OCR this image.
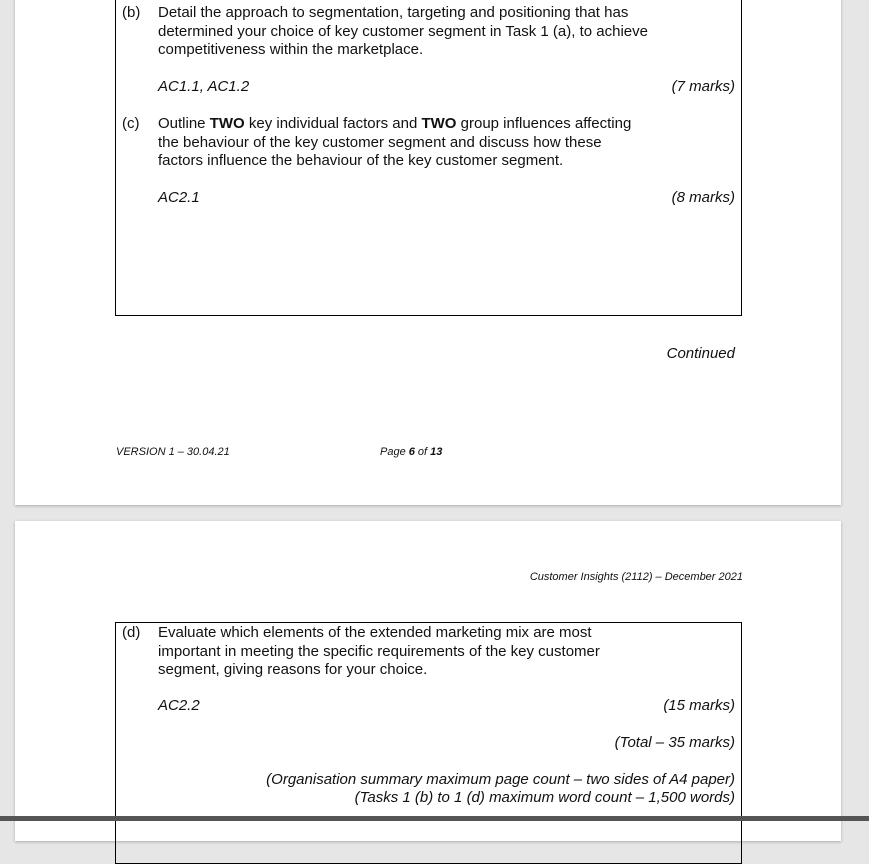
(b) Detail the approach to segmentation, targeting and positioning that has determined your choice of key customer segment in Task 1 (a), to achieve competitiveness within the marketplace.
AC1.1, AC1.2	(7 marks)
(c) Outline TWO key individual factors and TWO group influences affecting the behaviour of the key customer segment and discuss how these factors influence the behaviour of the key customer segment.
AC2.1	(8 marks)
Continued
VERSION 1 – 30.04.21	Page 6 of 13
Customer Insights (2112) – December 2021
(d) Evaluate which elements of the extended marketing mix are most important in meeting the specific requirements of the key customer segment, giving reasons for your choice.
AC2.2	(15 marks)
(Total – 35 marks)
(Organisation summary maximum page count – two sides of A4 paper)
(Tasks 1 (b) to 1 (d) maximum word count – 1,500 words)
